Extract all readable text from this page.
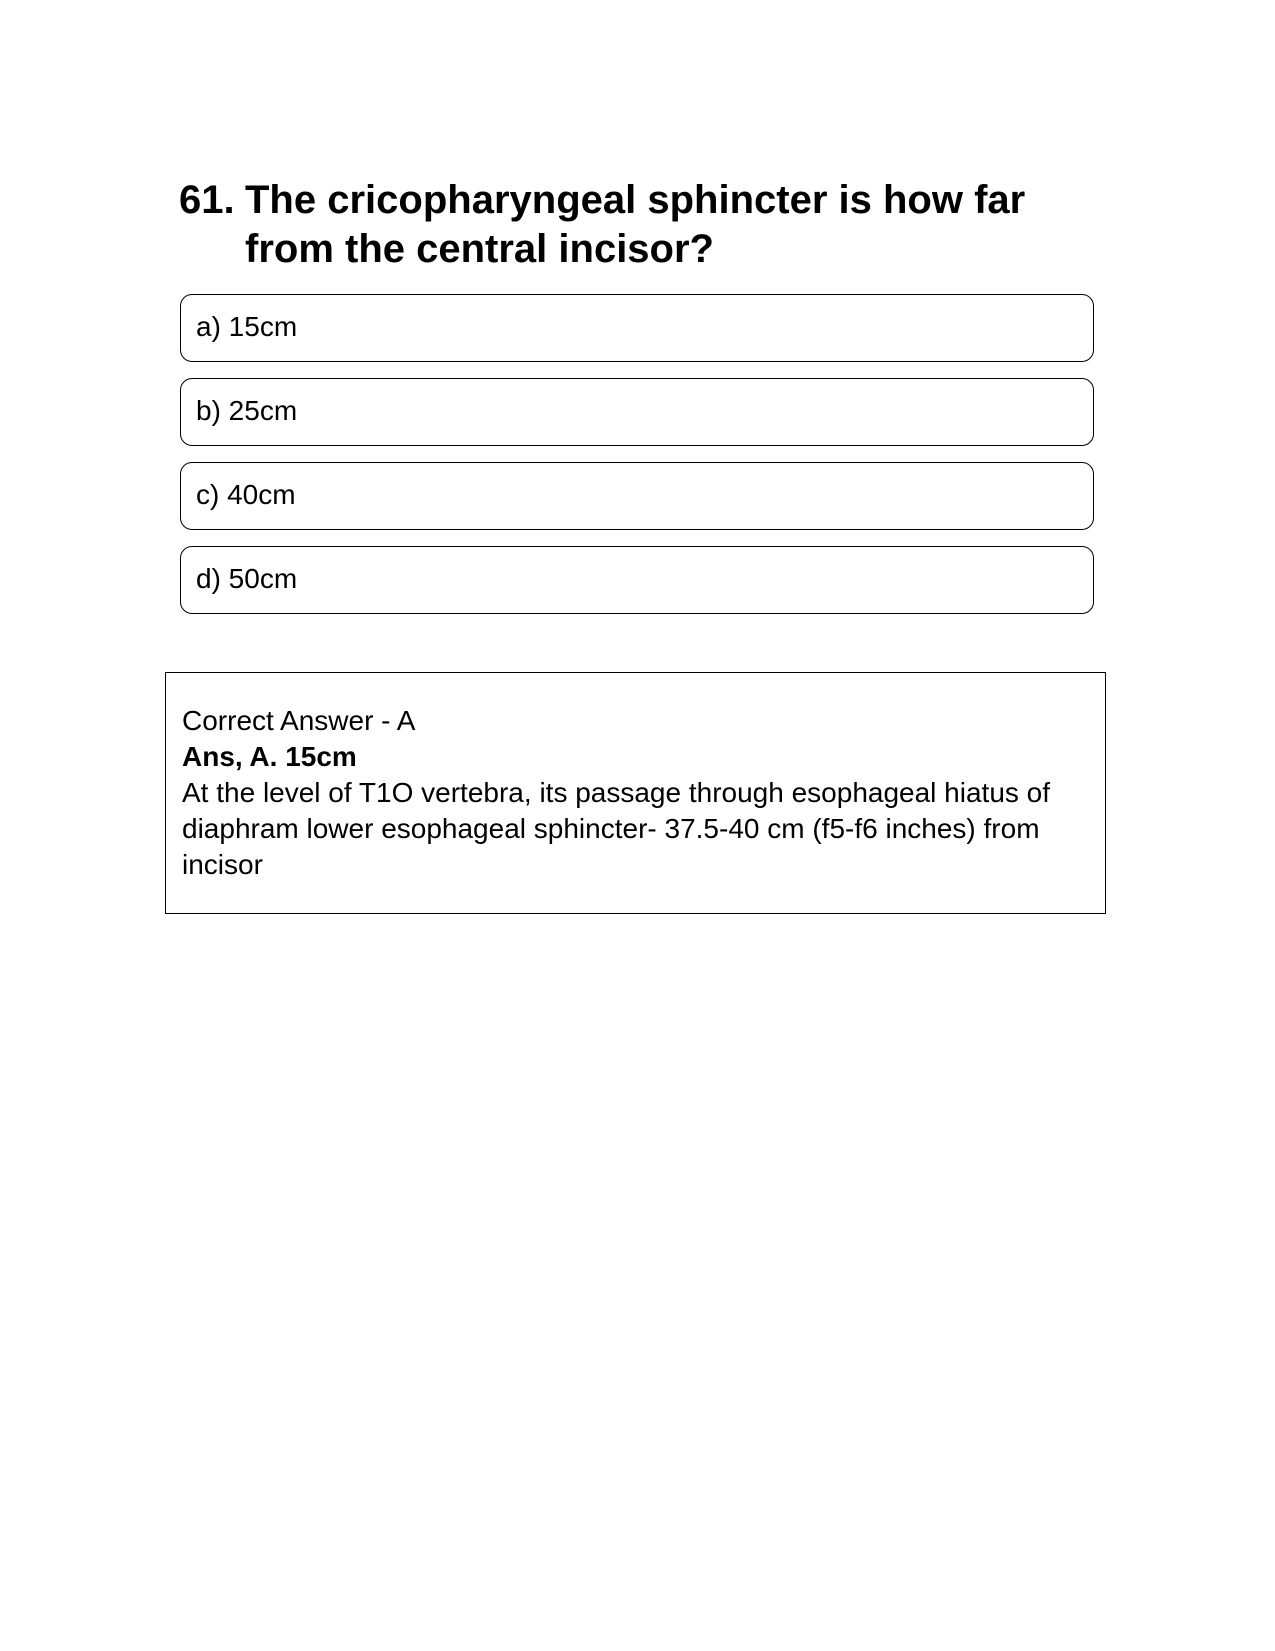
61. The cricopharyngeal sphincter is how far from the central incisor?
a) 15cm
b) 25cm
c) 40cm
d) 50cm
Correct Answer - A
Ans, A. 15cm
At the level of T1O vertebra, its passage through esophageal hiatus of diaphram lower esophageal sphincter- 37.5-40 cm (f5-f6 inches) from incisor
